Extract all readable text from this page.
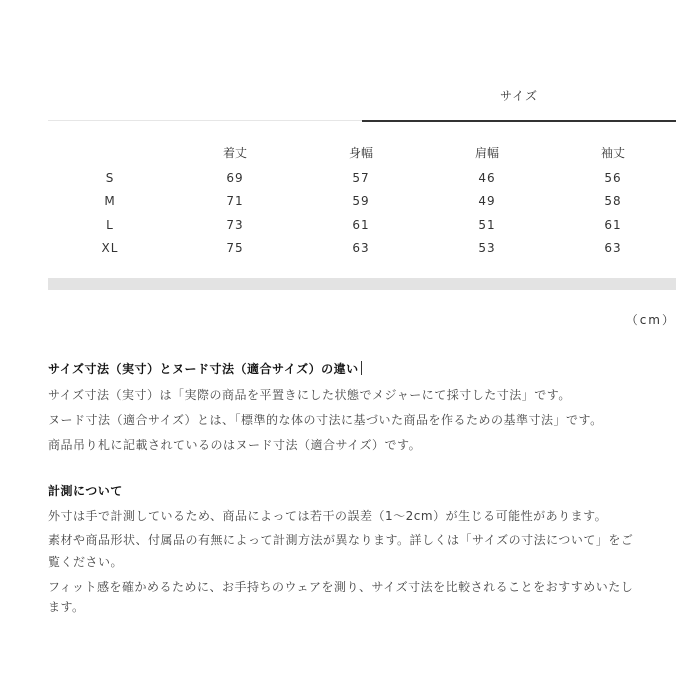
サイズ
	着丈	身幅	肩幅	袖丈
S	69	57	46	56
M	71	59	49	58
L	73	61	51	61
XL	75	63	53	63
（cm）
サイズ寸法（実寸）とヌード寸法（適合サイズ）の違い
サイズ寸法（実寸）は「実際の商品を平置きにした状態でメジャーにて採寸した寸法」です。
ヌード寸法（適合サイズ）とは、「標準的な体の寸法に基づいた商品を作るための基準寸法」です。
商品吊り札に記載されているのはヌード寸法（適合サイズ）です。
計測について
外寸は手で計測しているため、商品によっては若干の誤差（1～2cm）が生じる可能性があります。
素材や商品形状、付属品の有無によって計測方法が異なります。詳しくは「サイズの寸法について」をご
覧ください。
フィット感を確かめるために、お手持ちのウェアを測り、サイズ寸法を比較されることをおすすめいたし
ます。
